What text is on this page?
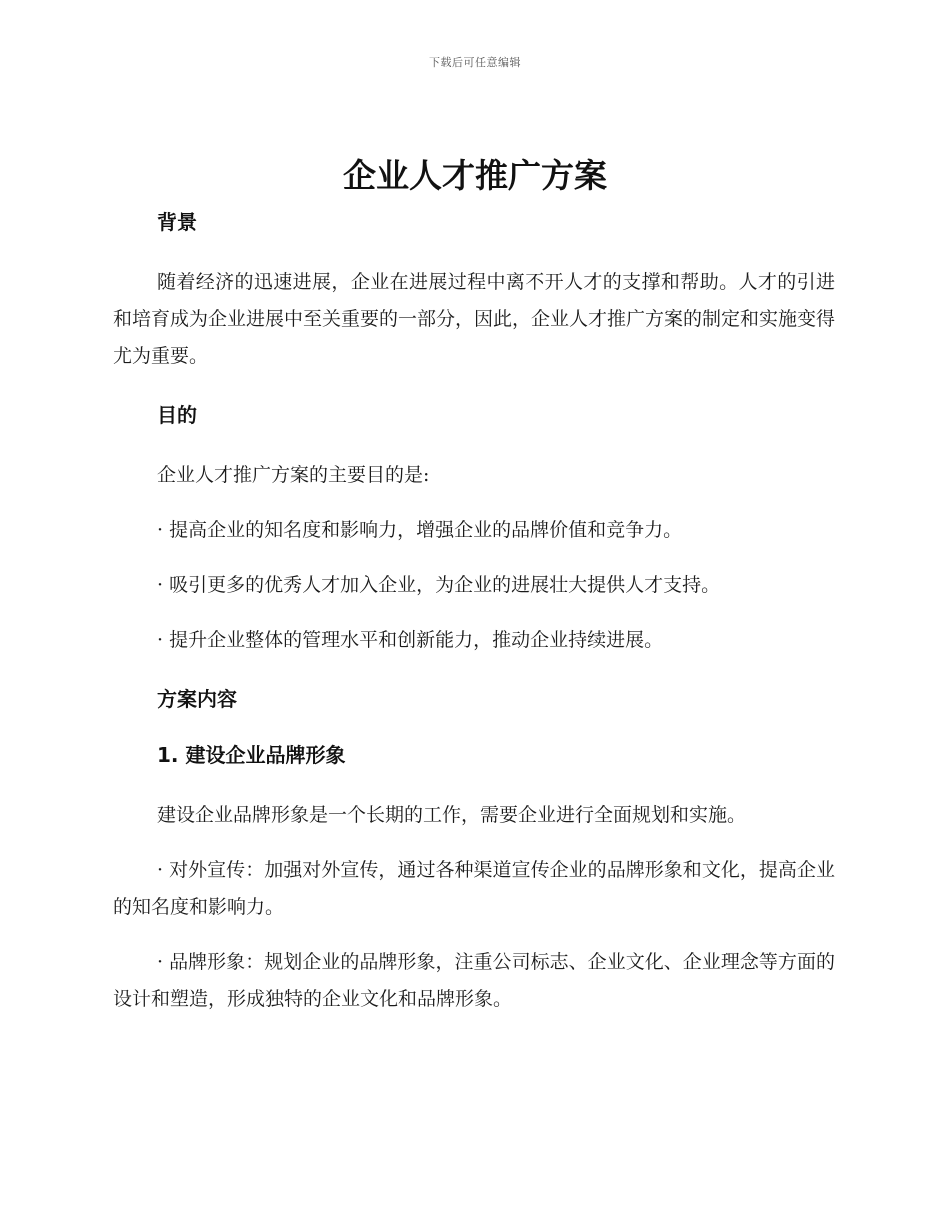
下载后可任意编辑
企业人才推广方案
背景

随着经济的迅速进展，企业在进展过程中离不开人才的支撑和帮助。人才的引进和培育成为企业进展中至关重要的一部分，因此，企业人才推广方案的制定和实施变得尤为重要。

目的

企业人才推广方案的主要目的是:

· 提高企业的知名度和影响力，增强企业的品牌价值和竞争力。

· 吸引更多的优秀人才加入企业，为企业的进展壮大提供人才支持。

· 提升企业整体的管理水平和创新能力，推动企业持续进展。

方案内容
1. 建设企业品牌形象

建设企业品牌形象是一个长期的工作，需要企业进行全面规划和实施。

· 对外宣传：加强对外宣传，通过各种渠道宣传企业的品牌形象和文化，提高企业的知名度和影响力。

· 品牌形象：规划企业的品牌形象，注重公司标志、企业文化、企业理念等方面的设计和塑造，形成独特的企业文化和品牌形象。
